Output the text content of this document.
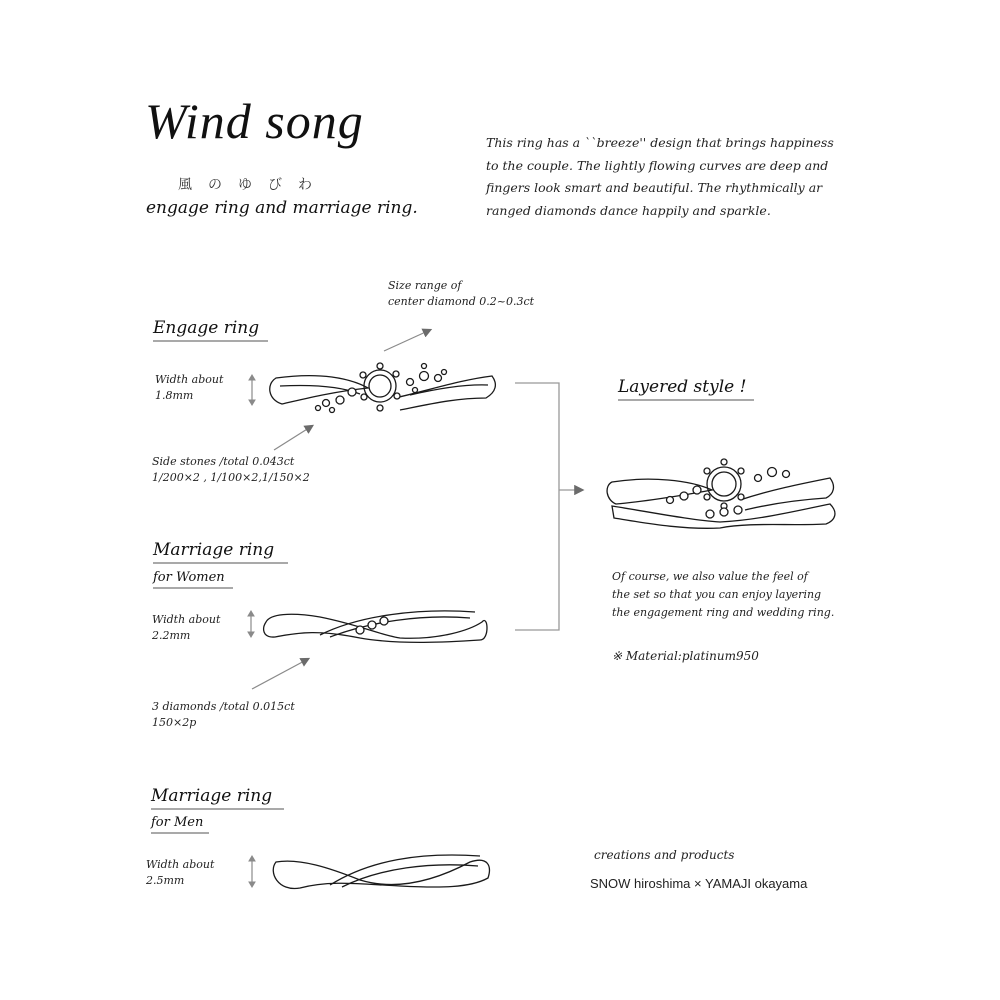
Wind song
風のゆびわ
engage ring and marriage ring.
This ring has a ``breeze'' design that brings happiness
to the couple. The lightly flowing curves are deep and
fingers look smart and beautiful. The rhythmically ar
ranged diamonds dance happily and sparkle.
Size range of
center diamond 0.2~0.3ct
Engage ring
Width about
1.8mm
Side stones /total 0.043ct
1/200×2 , 1/100×2,1/150×2
Marriage ring
for Women
Width about
2.2mm
3 diamonds /total 0.015ct
150×2p
Marriage ring
for Men
Width about
2.5mm
Layered style !
Of course, we also value the feel of
the set so that you can enjoy layering
the engagement ring and wedding ring.
※ Material:platinum950
creations and products
SNOW hiroshima × YAMAJI okayama
